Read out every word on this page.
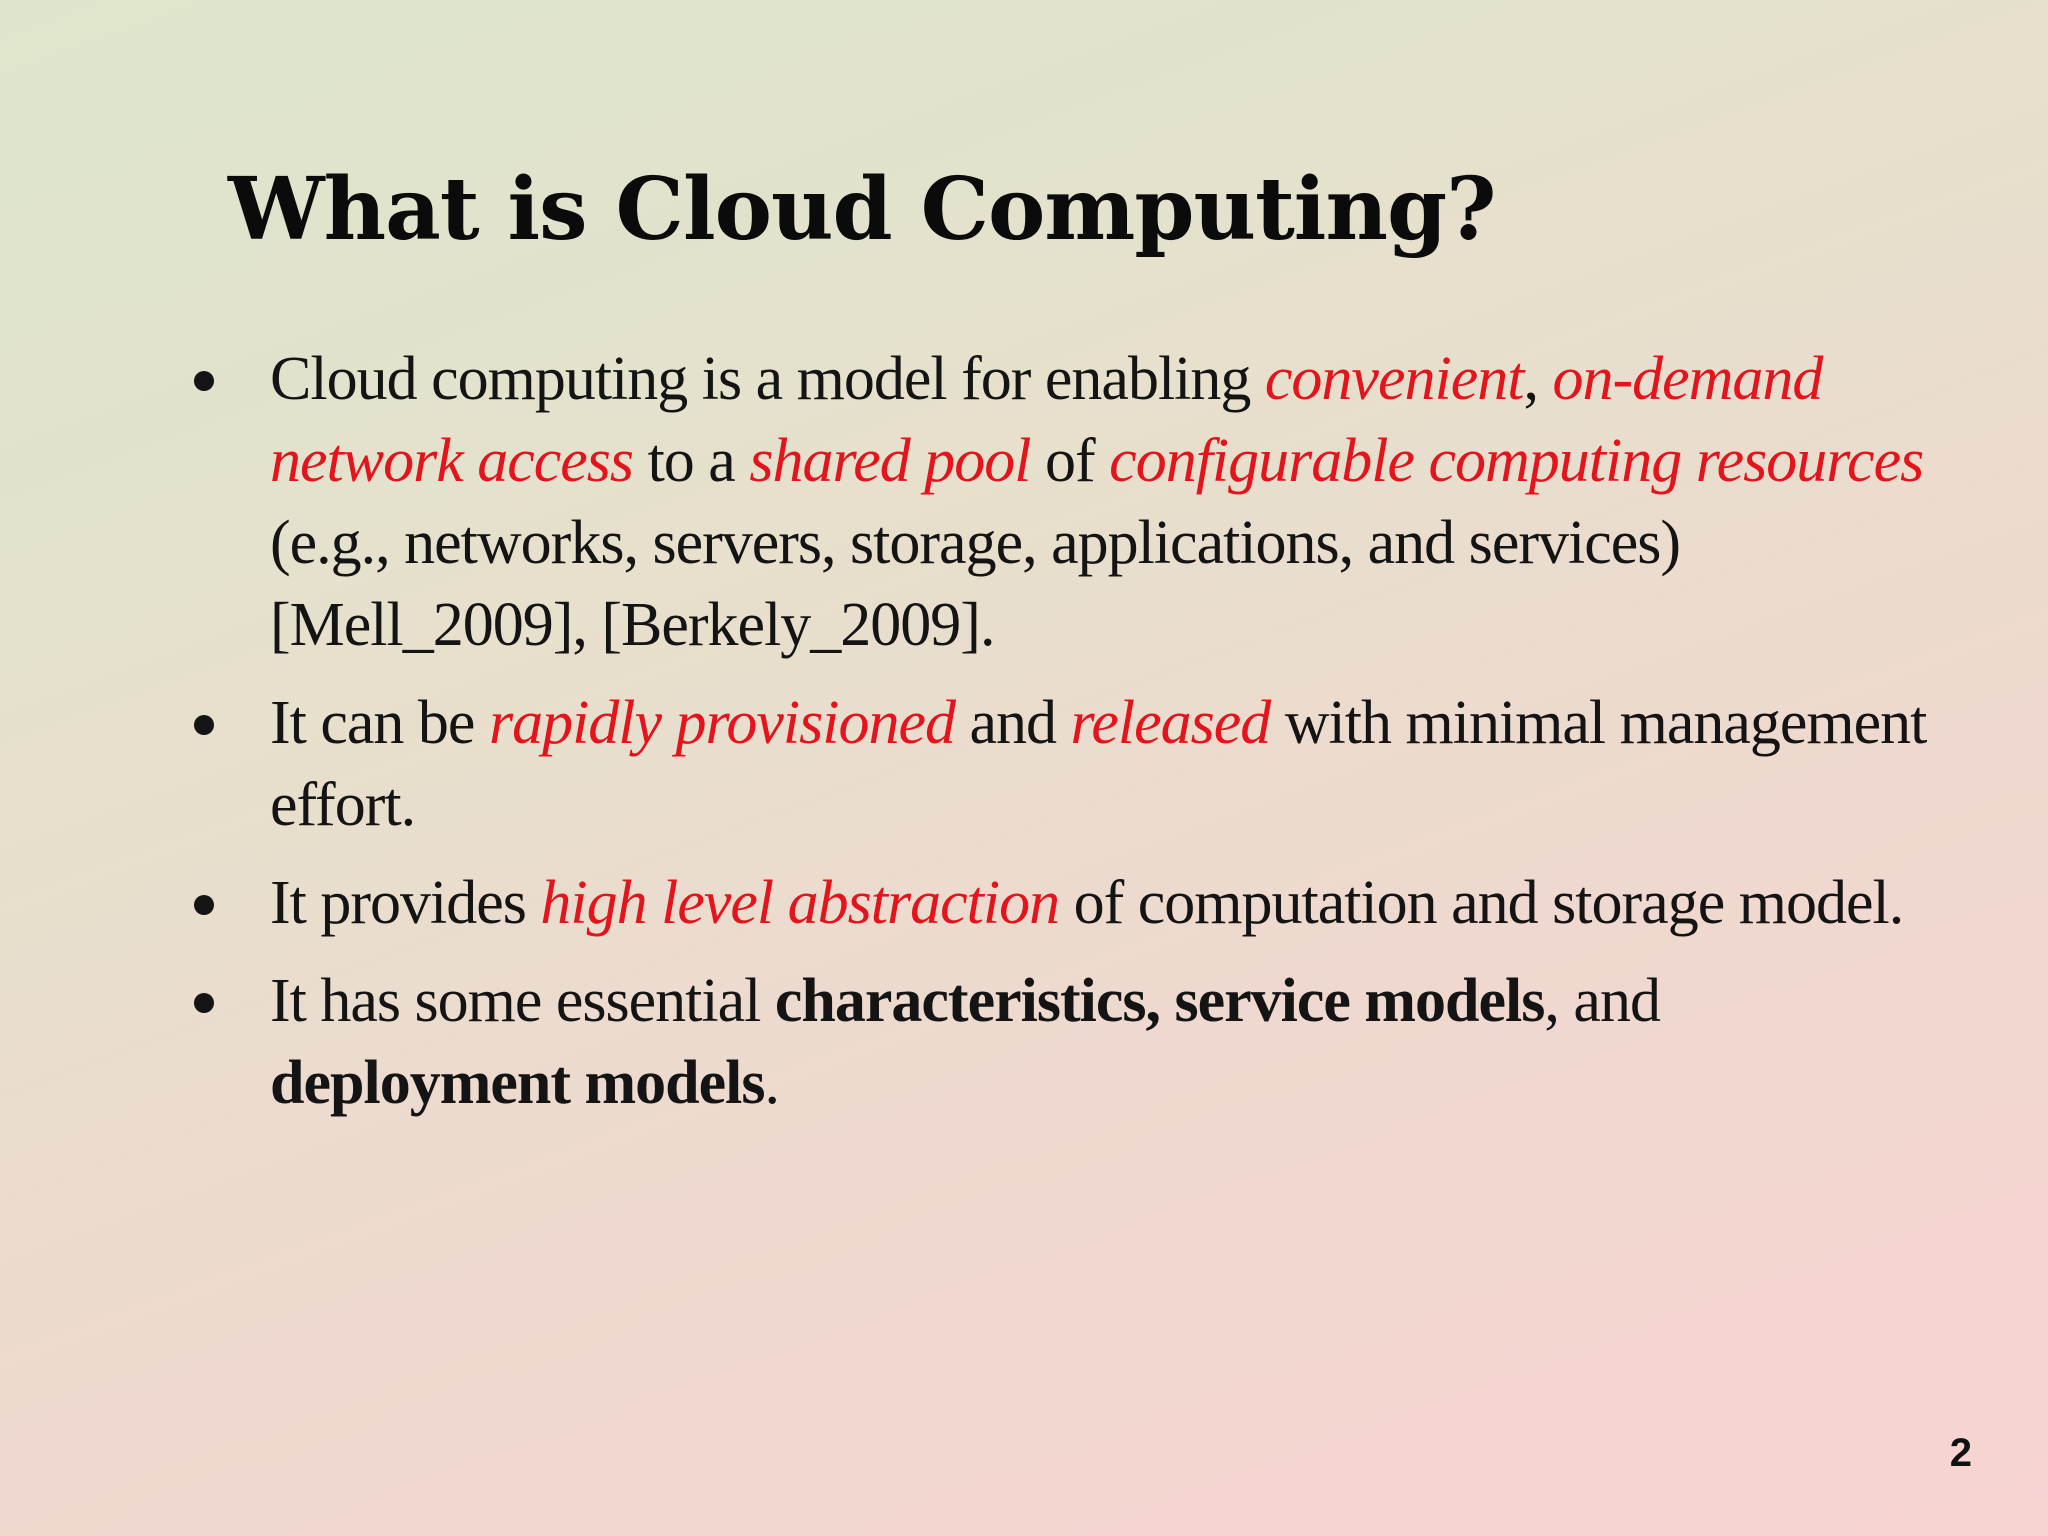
What is Cloud Computing?
Cloud computing is a model for enabling convenient, on-demand network access to a shared pool of configurable computing resources (e.g., networks, servers, storage, applications, and services) [Mell_2009], [Berkely_2009].
It can be rapidly provisioned and released with minimal management effort.
It provides high level abstraction of computation and storage model.
It has some essential characteristics, service models, and deployment models.
2
